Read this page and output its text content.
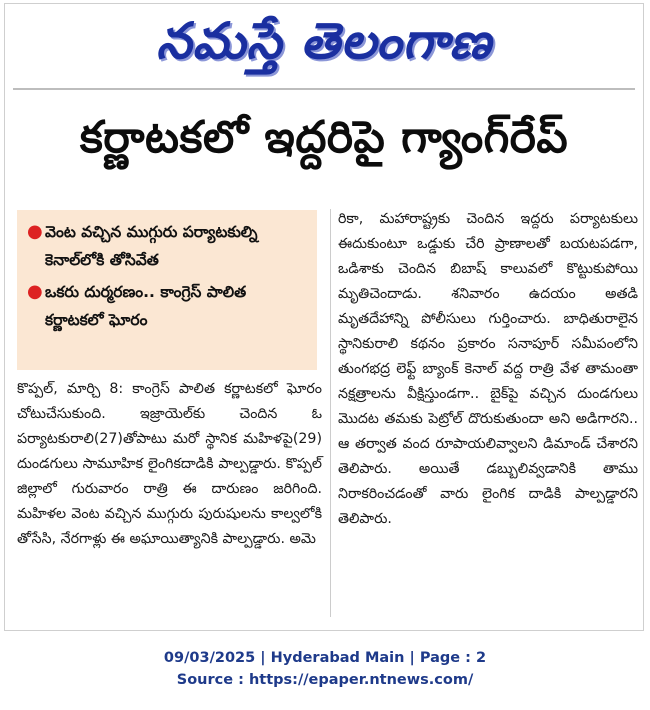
నమస్తే తెలంగాణ
కర్ణాటకలో ఇద్దరిపై గ్యాంగ్‌రేప్
● వెంట వచ్చిన ముగ్గురు పర్యాటకుల్ని కెనాల్‌లోకి తోసివేత
● ఒకరు దుర్మరణం.. కాంగ్రెస్ పాలిత కర్ణాటకలో ఘోరం

కొప్పల్, మార్చి 8: కాంగ్రెస్ పాలిత కర్ణాటకలో ఘోరం చోటుచేసుకుంది. ఇజ్రాయెల్‌కు చెందిన ఓ పర్యాటకురాలి(27)తోపాటు మరో స్థానిక మహిళపై(29) దుండగులు సామూహిక లైంగికదాడికి పాల్పడ్డారు. కొప్పల్ జిల్లాలో గురువారం రాత్రి ఈ దారుణం జరిగింది. మహిళల వెంట వచ్చిన ముగ్గురు పురుషులను కాల్వలోకి తోసేసి, నేరగాళ్లు ఈ అఘాయిత్యానికి పాల్పడ్డారు. అమె

రికా, మహారాష్ట్రకు చెందిన ఇద్దరు పర్యాటకులు ఈదుకుంటూ ఒడ్డుకు చేరి ప్రాణాలతో బయటపడగా, ఒడిశాకు చెందిన బిబాష్ కాలువలో కొట్టుకుపోయి మృతిచెందాడు. శనివారం ఉదయం అతడి మృతదేహాన్ని పోలీసులు గుర్తించారు. బాధితురాలైన స్థానికురాలి కథనం ప్రకారం సనాపూర్ సమీపంలోని తుంగభద్ర లెఫ్ట్ బ్యాంక్ కెనాల్ వద్ద రాత్రి వేళ తామంతా నక్షత్రాలను వీక్షిస్తుండగా.. బైక్‌పై వచ్చిన దుండగులు మొదట తమకు పెట్రోల్ దొరుకుతుందా అని అడిగారని.. ఆ తర్వాత వంద రూపాయలివ్వాలని డిమాండ్ చేశారని తెలిపారు. అయితే డబ్బులివ్వడానికి తాము నిరాకరించడంతో వారు లైంగిక దాడికి పాల్పడ్డారని తెలిపారు.

09/03/2025 | Hyderabad Main | Page : 2
Source : https://epaper.ntnews.com/
